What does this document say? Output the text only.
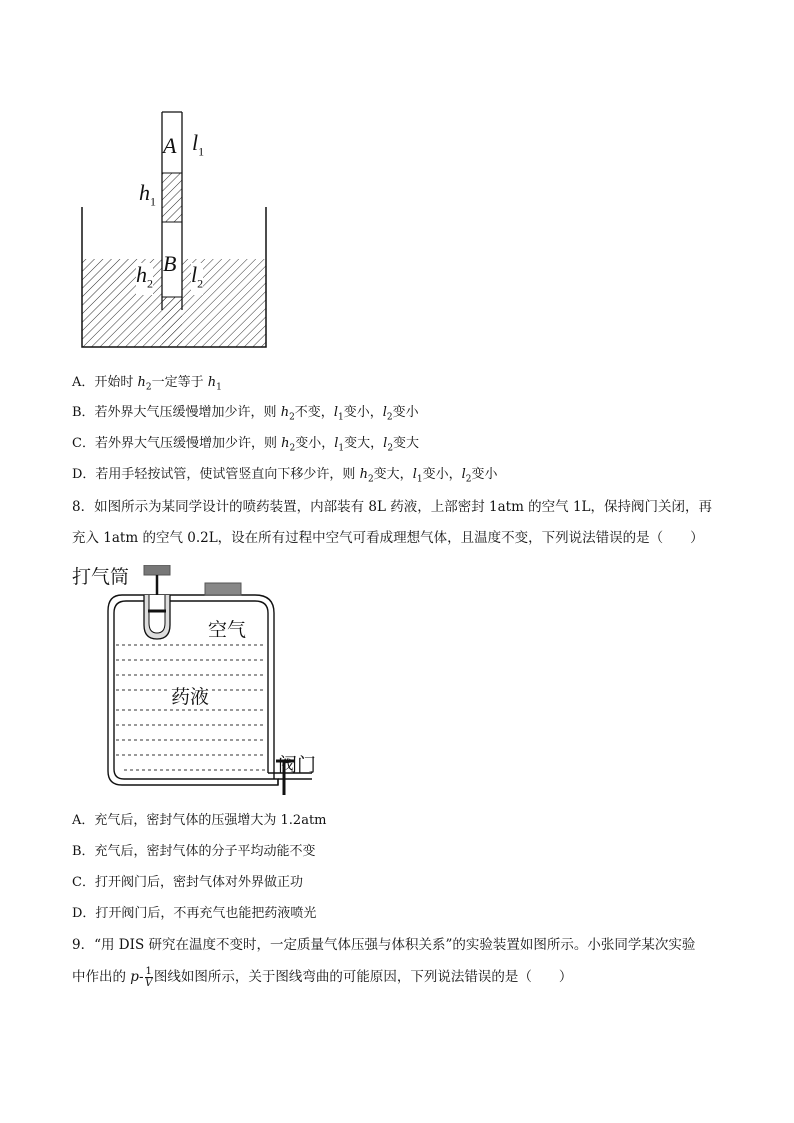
A $l_1$
$h_1$
B
$h_2$ $l_2$
A．开始时 $h_2$一定等于 $h_1$
B．若外界大气压缓慢增加少许，则 $h_2$不变，$l_1$变小，$l_2$变小
C．若外界大气压缓慢增加少许，则 $h_2$变小，$l_1$变大，$l_2$变大
D．若用手轻按试管，使试管竖直向下移少许，则 $h_2$变大，$l_1$变小，$l_2$变小
8．如图所示为某同学设计的喷药装置，内部装有 8L 药液，上部密封 1atm 的空气 1L，保持阀门关闭，再
充入 1atm 的空气 0.2L，设在所有过程中空气可看成理想气体，且温度不变，下列说法错误的是（　　）
打气筒
空气
药液
阀门
A．充气后，密封气体的压强增大为 1.2atm
B．充气后，密封气体的分子平均动能不变
C．打开阀门后，密封气体对外界做正功
D．打开阀门后，不再充气也能把药液喷光
9．“用 DIS 研究在温度不变时，一定质量气体压强与体积关系”的实验装置如图所示。小张同学某次实验
中作出的 $p- \frac{1}{V}$ 图线如图所示，关于图线弯曲的可能原因，下列说法错误的是（　　）
